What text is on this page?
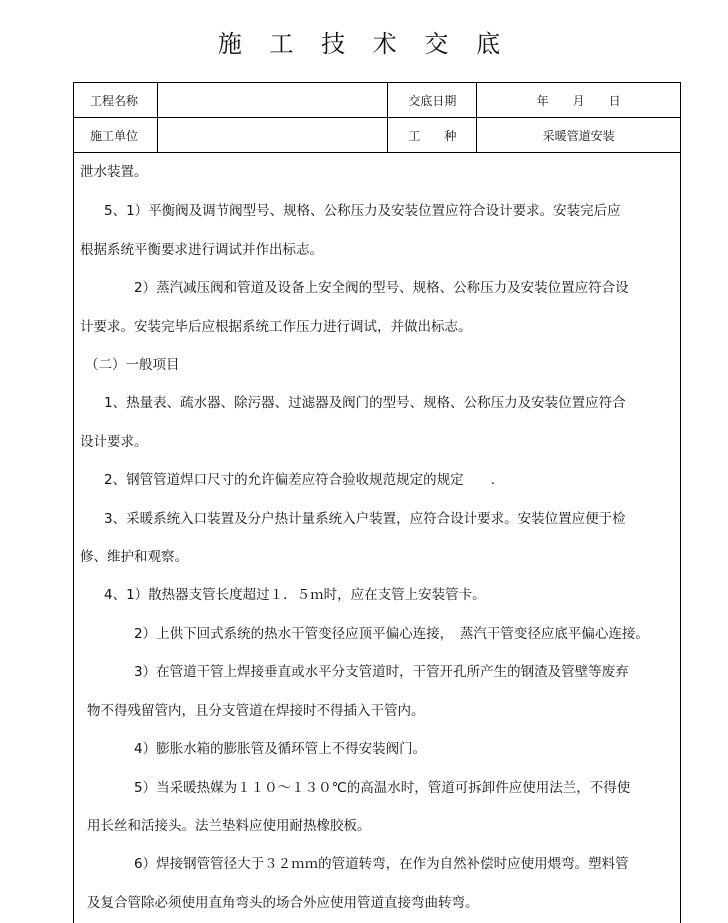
施 工 技 术 交 底
工程名称		交底日期	年　　月　　日
施工单位		工　　种	采暖管道安装
泄水装置。
5、1）平衡阀及调节阀型号、规格、公称压力及安装位置应符合设计要求。安装完后应
根据系统平衡要求进行调试并作出标志。
2）蒸汽减压阀和管道及设备上安全阀的型号、规格、公称压力及安装位置应符合设
计要求。安装完毕后应根据系统工作压力进行调试，并做出标志。
（二）一般项目
1、热量表、疏水器、除污器、过滤器及阀门的型号、规格、公称压力及安装位置应符合
设计要求。
2、钢管管道焊口尺寸的允许偏差应符合验收规范规定的规定　　.
3、采暖系统入口装置及分户热计量系统入户装置，应符合设计要求。安装位置应便于检
修、维护和观察。
4、1）散热器支管长度超过１．５ｍ时，应在支管上安装管卡。
2）上供下回式系统的热水干管变径应顶平偏心连接，　蒸汽干管变径应底平偏心连接。
3）在管道干管上焊接垂直或水平分支管道时，干管开孔所产生的钢渣及管壁等废弃
物不得残留管内，且分支管道在焊接时不得插入干管内。
4）膨胀水箱的膨胀管及循环管上不得安装阀门。
5）当采暖热媒为１１０～１３０℃的高温水时，管道可拆卸件应使用法兰，不得使
用长丝和活接头。法兰垫料应使用耐热橡胶板。
6）焊接钢管管径大于３２ｍｍ的管道转弯，在作为自然补偿时应使用煨弯。塑料管
及复合管除必须使用直角弯头的场合外应使用管道直接弯曲转弯。
